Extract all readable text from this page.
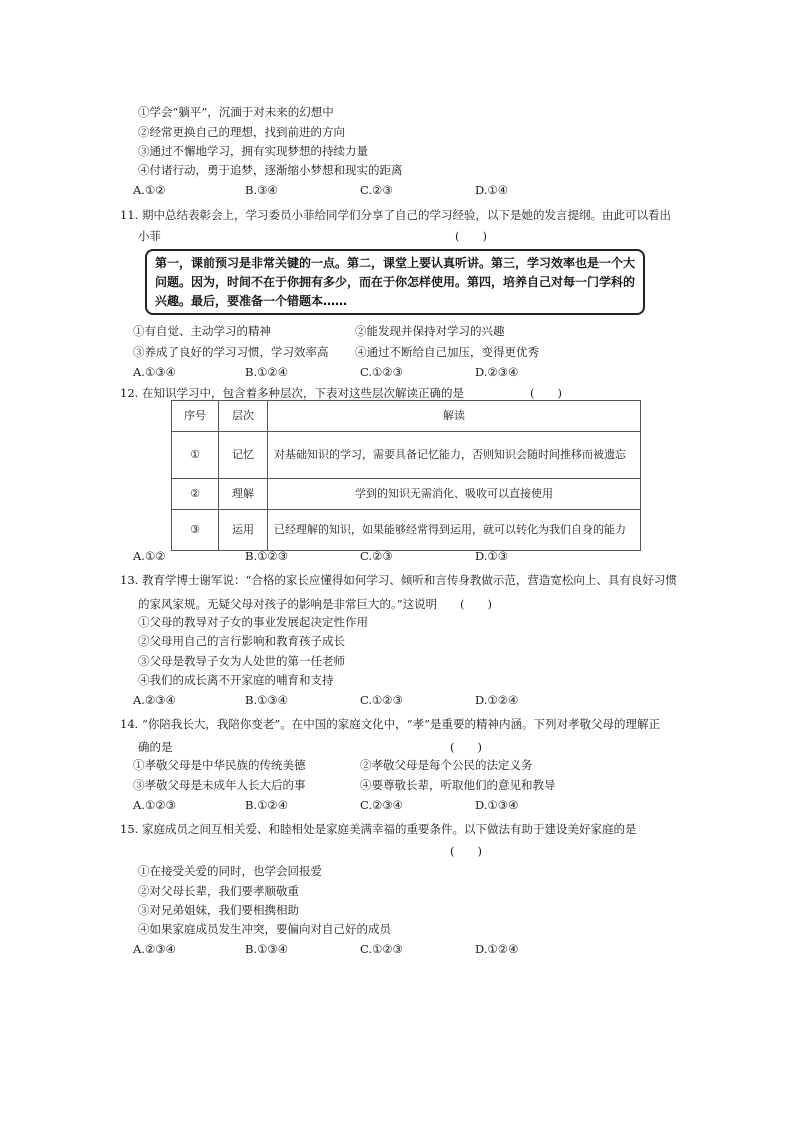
①学会“躺平”，沉湎于对未来的幻想中
②经常更换自己的理想，找到前进的方向
③通过不懈地学习，拥有实现梦想的持续力量
④付诸行动，勇于追梦，逐渐缩小梦想和现实的距离
A.①②	B.③④	C.②③	D.①④
11. 期中总结表彰会上，学习委员小菲给同学们分享了自己的学习经验，以下是她的发言提纲。由此可以看出
小菲	(　　)
第一，课前预习是非常关键的一点。第二，课堂上要认真听讲。第三，学习效率也是一个大问题。因为，时间不在于你拥有多少，而在于你怎样使用。第四，培养自己对每一门学科的兴趣。最后，要准备一个错题本……
①有自觉、主动学习的精神	②能发现并保持对学习的兴趣
③养成了良好的学习习惯，学习效率高 ④通过不断给自己加压，变得更优秀
A.①③④	B.①②④	C.①②③	D.②③④
12. 在知识学习中，包含着多种层次，下表对这些层次解读正确的是	(　　)
序号	层次	解读
①	记忆	对基础知识的学习，需要具备记忆能力，否则知识会随时间推移而被遗忘
②	理解	学到的知识无需消化、吸收可以直接使用
③	运用	已经理解的知识，如果能够经常得到运用，就可以转化为我们自身的能力
A.①②	B.①②③	C.②③	D.①③
13. 教育学博士谢军说：“合格的家长应懂得如何学习、倾听和言传身教做示范，营造宽松向上、具有良好习惯
的家风家规。无疑父母对孩子的影响是非常巨大的。”这说明 (　　)
①父母的教导对子女的事业发展起决定性作用
②父母用自己的言行影响和教育孩子成长
③父母是教导子女为人处世的第一任老师
④我们的成长离不开家庭的哺育和支持
A.②③④	B.①③④	C.①②③	D.①②④
14. “你陪我长大，我陪你变老”。在中国的家庭文化中，“孝”是重要的精神内涵。下列对孝敬父母的理解正
确的是	(　　)
①孝敬父母是中华民族的传统美德	②孝敬父母是每个公民的法定义务
③孝敬父母是未成年人长大后的事	④要尊敬长辈，听取他们的意见和教导
A.①②③	B.①②④	C.②③④	D.①③④
15. 家庭成员之间互相关爱、和睦相处是家庭美满幸福的重要条件。以下做法有助于建设美好家庭的是
(　　)
①在接受关爱的同时，也学会回报爱
②对父母长辈，我们要孝顺敬重
③对兄弟姐妹，我们要相携相助
④如果家庭成员发生冲突，要偏向对自己好的成员
A.②③④	B.①③④	C.①②③	D.①②④
